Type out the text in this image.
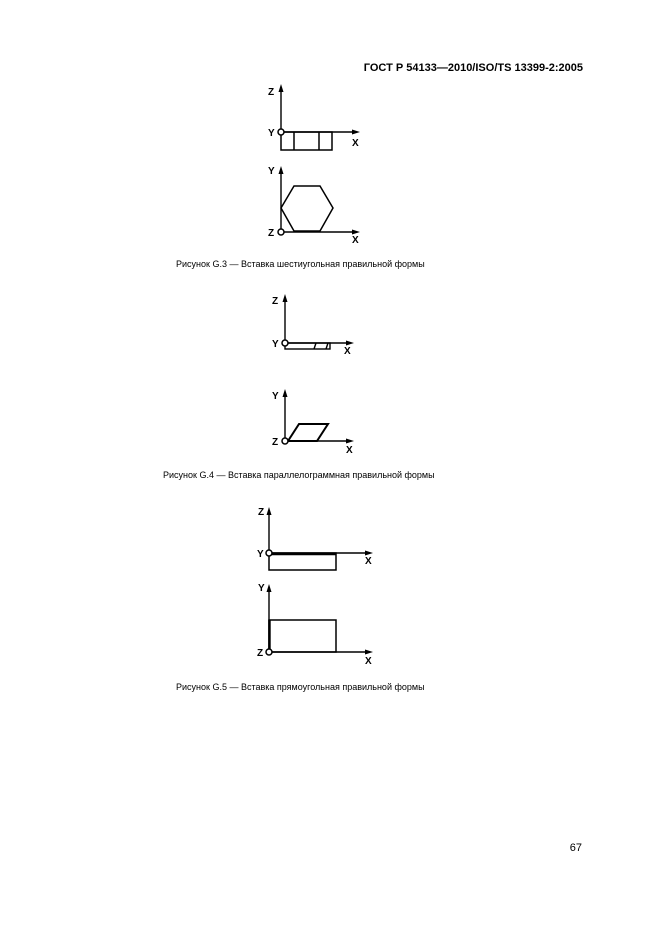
ГОСТ Р 54133—2010/ISO/TS 13399-2:2005
Z
Y
X
Y
Z
X
Рисунок G.3 — Вставка шестиугольная правильной формы
Z
Y
X
Y
Z
X
Рисунок G.4 — Вставка параллелограммная правильной формы
Z
Y
X
Y
Z
X
Рисунок G.5 — Вставка прямоугольная правильной формы
67
